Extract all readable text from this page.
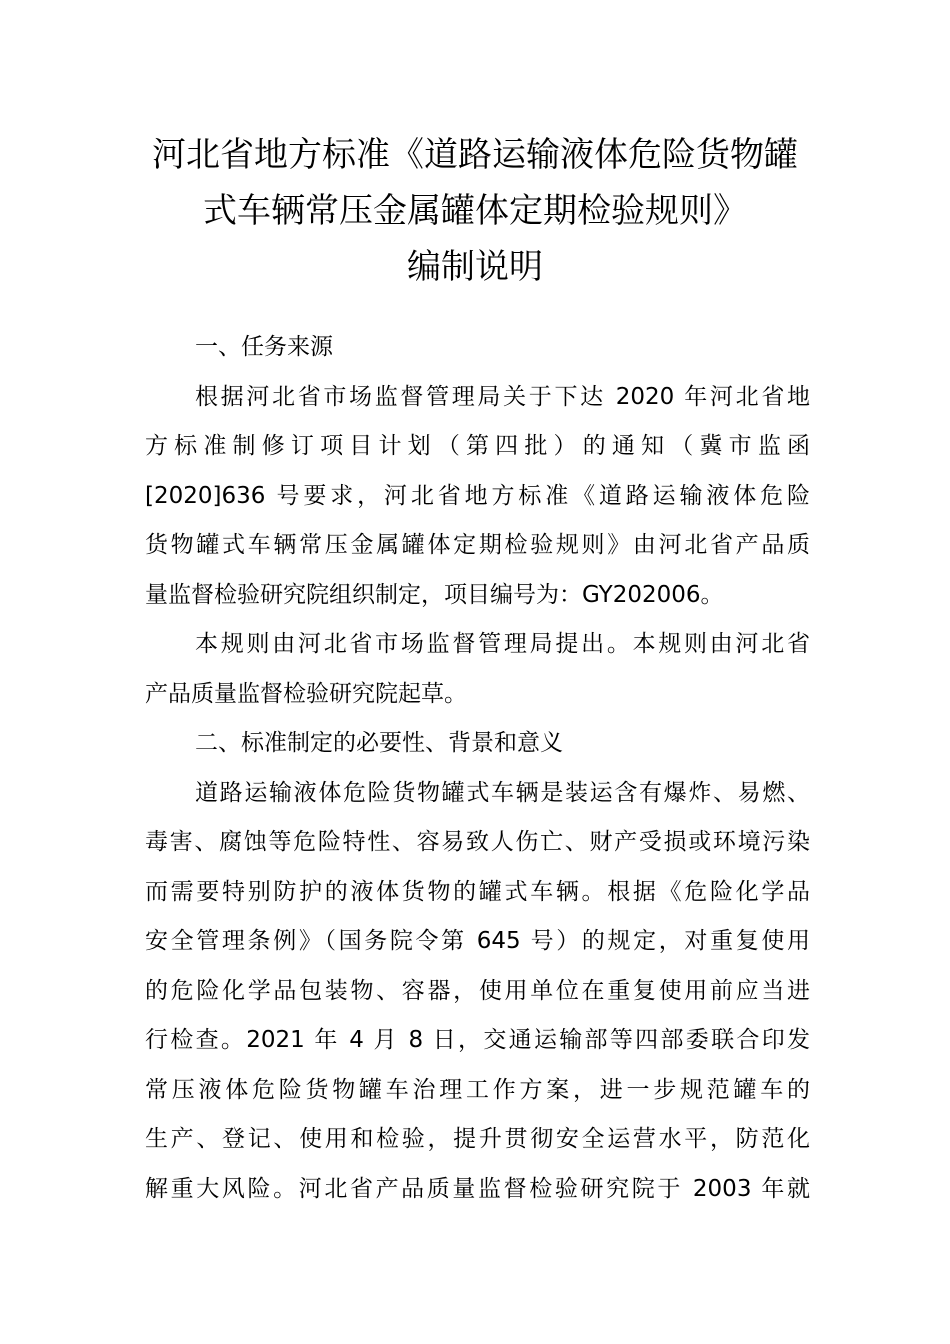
河北省地方标准《道路运输液体危险货物罐
式车辆常压金属罐体定期检验规则》
编制说明
一、任务来源
根据河北省市场监督管理局关于下达 2020 年河北省地
方标准制修订项目计划（第四批）的通知（冀市监函
[2020]636 号要求，河北省地方标准《道路运输液体危险
货物罐式车辆常压金属罐体定期检验规则》由河北省产品质
量监督检验研究院组织制定，项目编号为：GY202006。
本规则由河北省市场监督管理局提出。本规则由河北省
产品质量监督检验研究院起草。
二、标准制定的必要性、背景和意义
道路运输液体危险货物罐式车辆是装运含有爆炸、易燃、
毒害、腐蚀等危险特性、容易致人伤亡、财产受损或环境污染
而需要特别防护的液体货物的罐式车辆。根据《危险化学品
安全管理条例》（国务院令第 645 号）的规定，对重复使用
的危险化学品包装物、容器，使用单位在重复使用前应当进
行检查。2021 年 4 月 8 日，交通运输部等四部委联合印发
常压液体危险货物罐车治理工作方案，进一步规范罐车的
生产、登记、使用和检验，提升贯彻安全运营水平，防范化
解重大风险。河北省产品质量监督检验研究院于 2003 年就
